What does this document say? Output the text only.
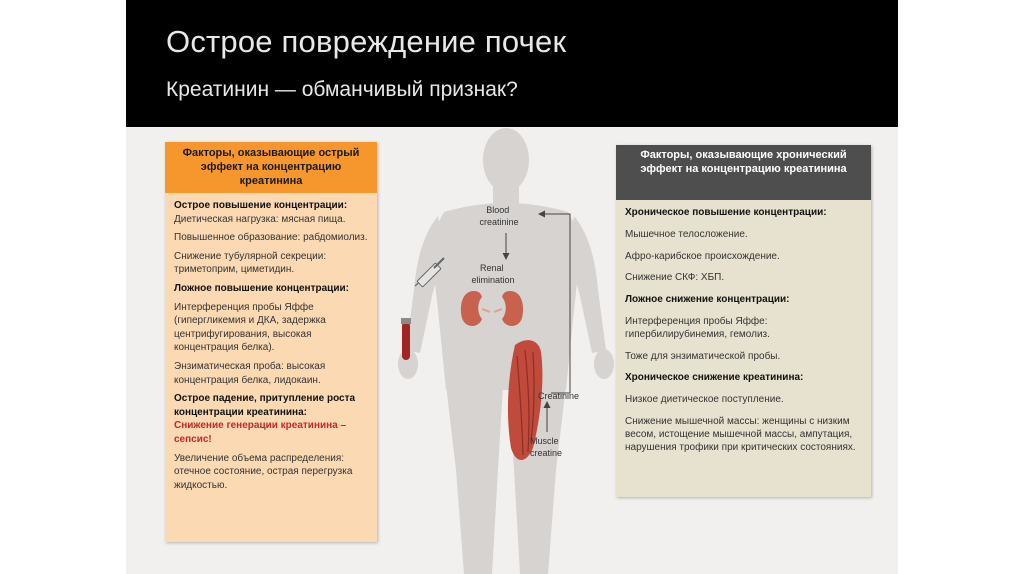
Острое повреждение почек
Креатинин — обманчивый признак?
Blood creatinine
Renal elimination
Creatinine
Muscle creatine
Факторы, оказывающие острый эффект на концентрацию креатинина
Острое повышение концентрации:
Диетическая нагрузка: мясная пища.
Повышенное образование: рабдомиолиз.
Снижение тубулярной секреции: триметоприм, циметидин.
Ложное повышение концентрации:
Интерференция пробы Яффе (гипергликемия и ДКА, задержка центрифугирования, высокая концентрация белка).
Энзиматическая проба: высокая концентрация белка, лидокаин.
Острое падение, притупление роста концентрации креатинина:
Снижение генерации креатинина – сепсис!
Увеличение объема распределения: отечное состояние, острая перегрузка жидкостью.
Факторы, оказывающие хронический эффект на концентрацию креатинина
Хроническое повышение концентрации:
Мышечное телосложение.
Афро-карибское происхождение.
Снижение СКФ: ХБП.
Ложное снижение концентрации:
Интерференция пробы Яффе: гипербилирубинемия, гемолиз.
Тоже для энзиматической пробы.
Хроническое снижение креатинина:
Низкое диетическое поступление.
Снижение мышечной массы: женщины с низким весом, истощение мышечной массы, ампутация, нарушения трофики при критических состояниях.
